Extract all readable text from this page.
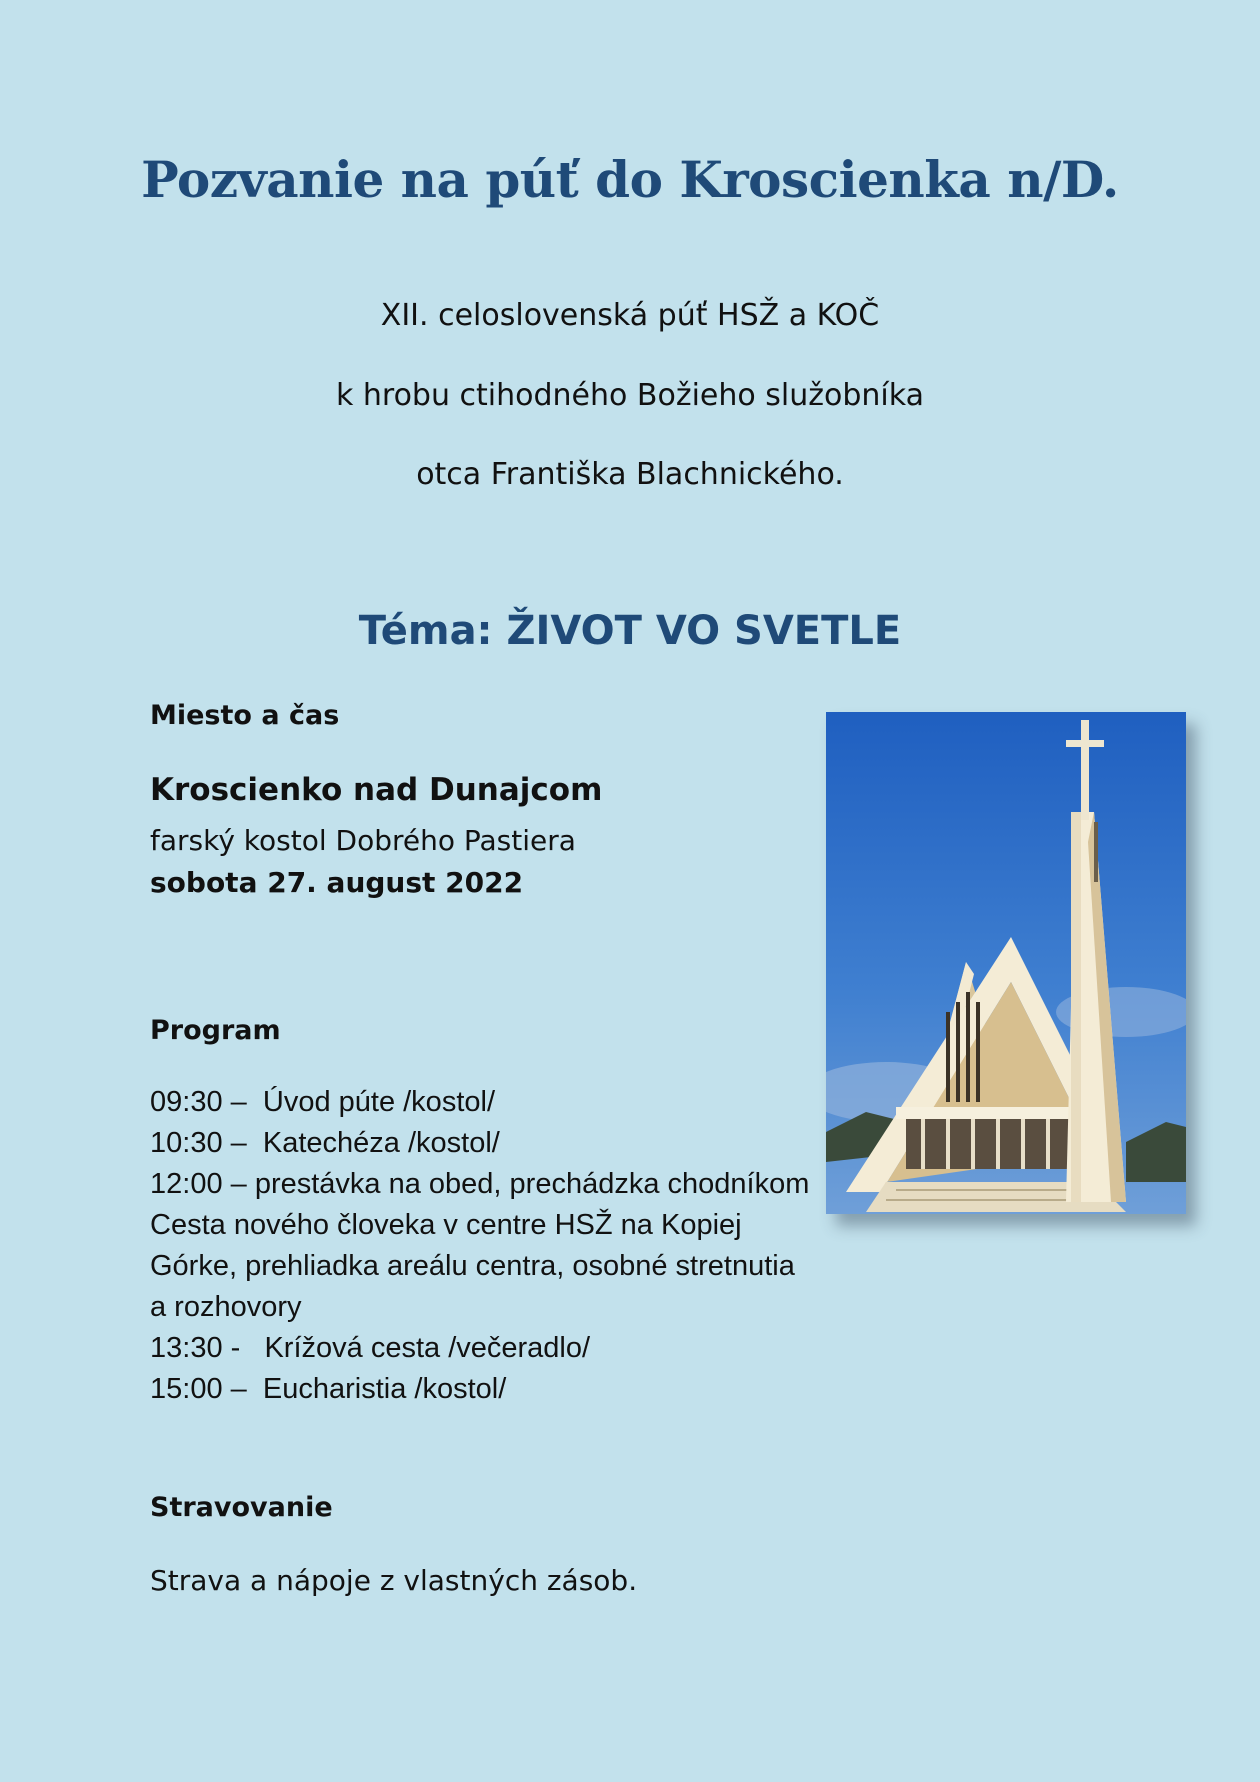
Pozvanie na púť do Kroscienka n/D.
XII. celoslovenská púť HSŽ a KOČ
k hrobu ctihodného Božieho služobníka
otca Františka Blachnického.
Téma: ŽIVOT VO SVETLE
Miesto a čas
Kroscienko nad Dunajcom
farský kostol Dobrého Pastiera
sobota 27. august 2022
Program
09:30 –  Úvod púte /kostol/
10:30 –  Katechéza /kostol/
12:00 – prestávka na obed, prechádzka chodníkom Cesta nového človeka v centre HSŽ na Kopiej Górke, prehliadka areálu centra, osobné stretnutia a rozhovory
13:30 -   Krížová cesta /večeradlo/
15:00 –  Eucharistia /kostol/
Stravovanie
Strava a nápoje z vlastných zásob.
